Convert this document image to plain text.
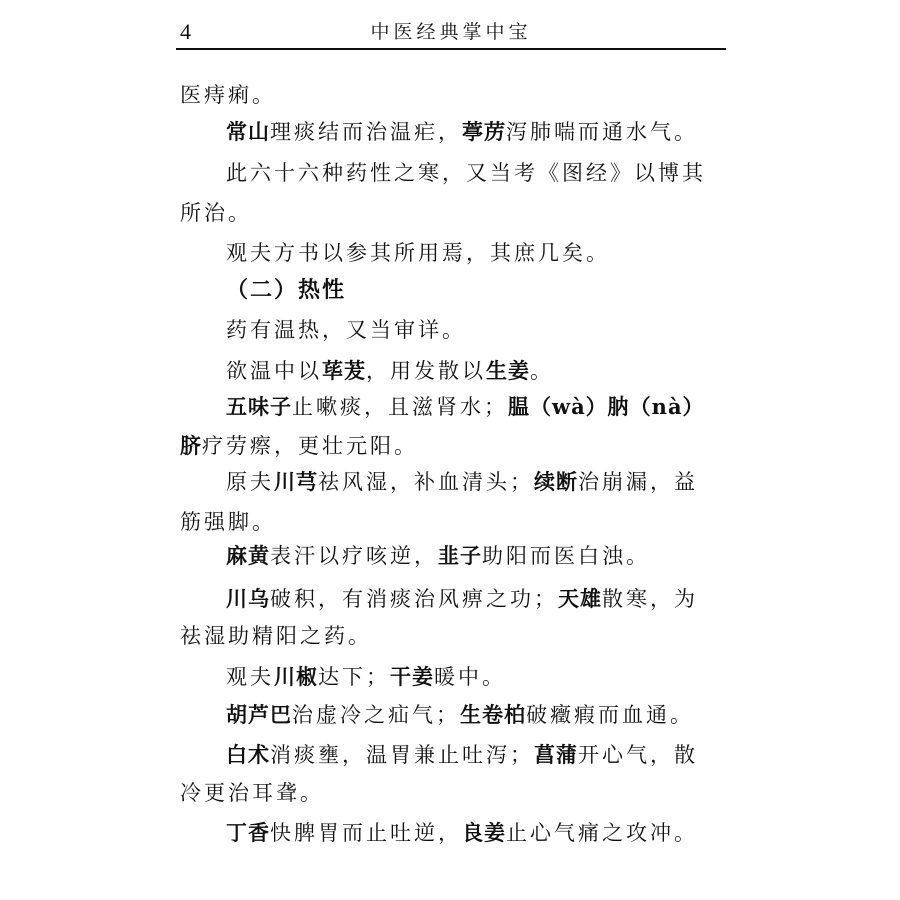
4	中医经典掌中宝
医痔痢。
常山理痰结而治温疟，葶苈泻肺喘而通水气。
此六十六种药性之寒，又当考《图经》以博其
所治。
观夫方书以参其所用焉，其庶几矣。
（二）热性
药有温热，又当审详。
欲温中以荜茇，用发散以生姜。
五味子止嗽痰，且滋肾水；腽（wà）肭（nà）
脐疗劳瘵，更壮元阳。
原夫川芎祛风湿，补血清头；续断治崩漏，益
筋强脚。
麻黄表汗以疗咳逆，韭子助阳而医白浊。
川乌破积，有消痰治风痹之功；天雄散寒，为
祛湿助精阳之药。
观夫川椒达下；干姜暖中。
胡芦巴治虚冷之疝气；生卷柏破癥瘕而血通。
白术消痰壅，温胃兼止吐泻；菖蒲开心气，散
冷更治耳聋。
丁香快脾胃而止吐逆，良姜止心气痛之攻冲。
